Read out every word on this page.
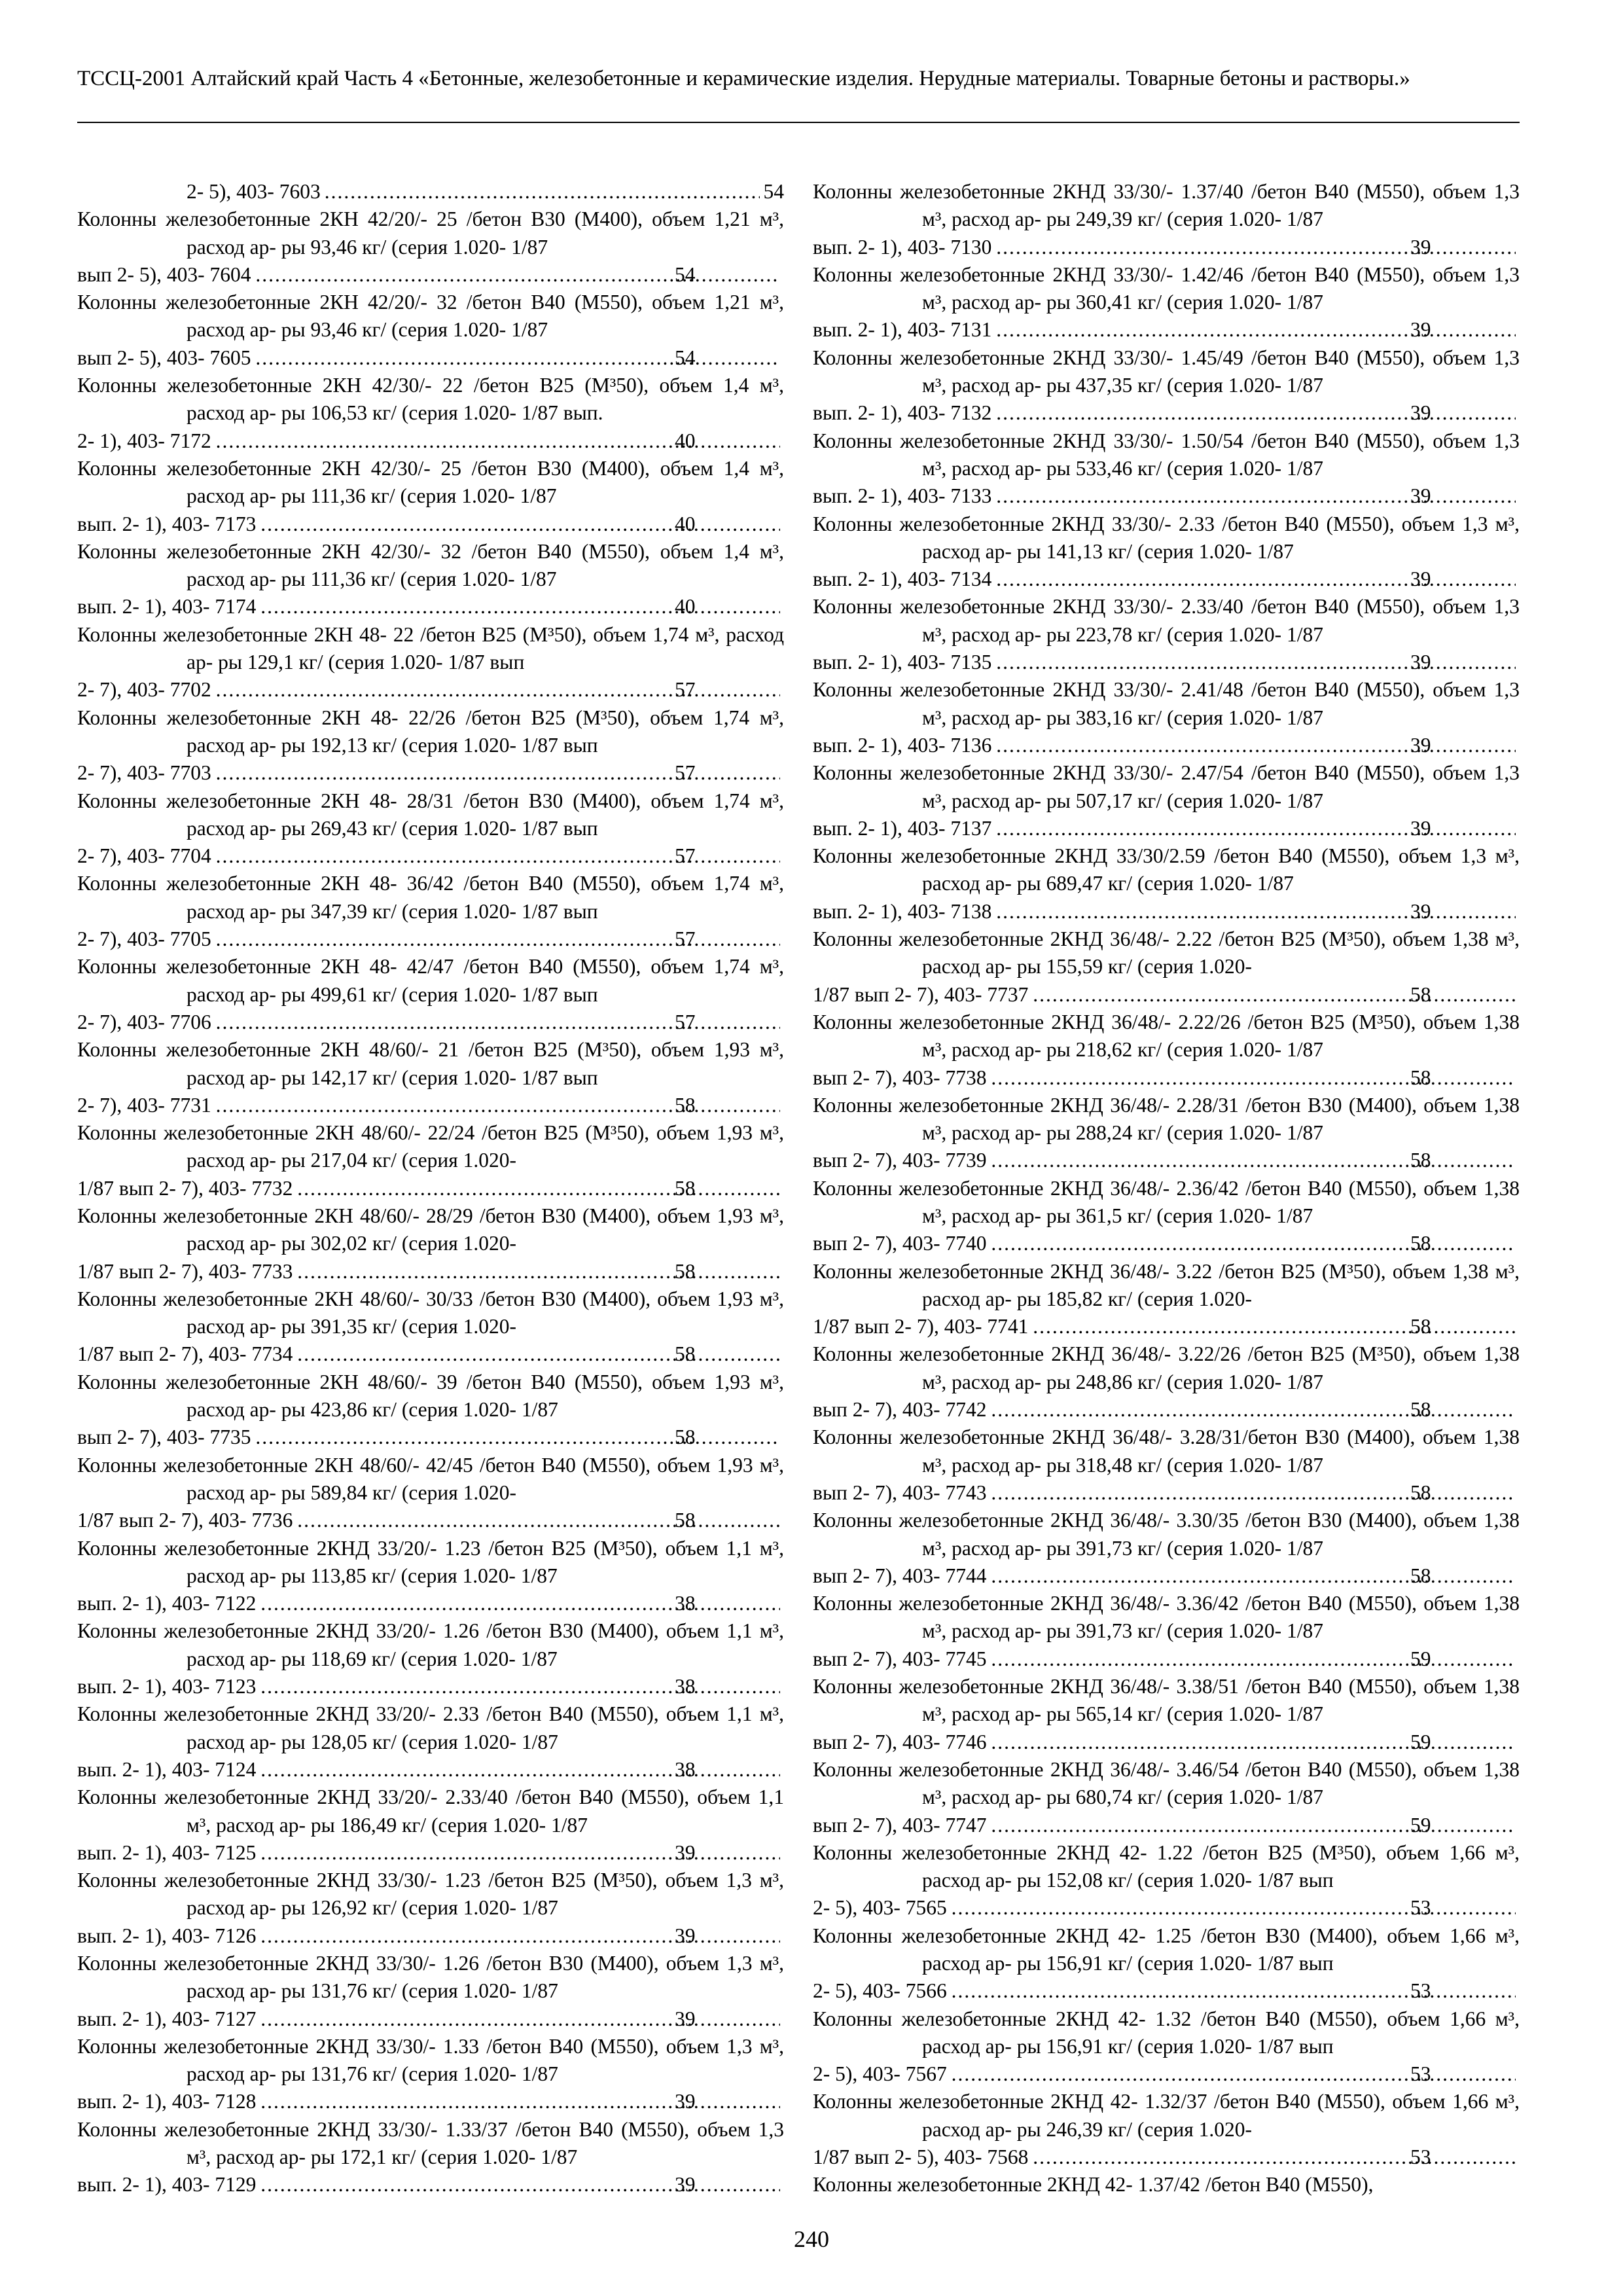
ТССЦ-2001 Алтайский край Часть 4 «Бетонные, железобетонные и керамические изделия. Нерудные материалы. Товарные бетоны и растворы.»
2- 5), 403- 7603 .....	54
Колонны железобетонные 2КН 42/20/- 25 /бетон В30 (М400), объем 1,21 м³, расход ар- ры 93,46 кг/ (серия 1.020- 1/87
вып 2- 5), 403- 7604 .....	54
Колонны железобетонные 2КН 42/20/- 32 /бетон В40 (М550), объем 1,21 м³, расход ар- ры 93,46 кг/ (серия 1.020- 1/87
вып 2- 5), 403- 7605 .....	54
Колонны железобетонные 2КН 42/30/- 22 /бетон В25 (М³50), объем 1,4 м³, расход ар- ры 106,53 кг/ (серия 1.020- 1/87 вып.
2- 1), 403- 7172 .....	40
Колонны железобетонные 2КН 42/30/- 25 /бетон В30 (М400), объем 1,4 м³, расход ар- ры 111,36 кг/ (серия 1.020- 1/87
вып. 2- 1), 403- 7173 .....	40
Колонны железобетонные 2КН 42/30/- 32 /бетон В40 (М550), объем 1,4 м³, расход ар- ры 111,36 кг/ (серия 1.020- 1/87
вып. 2- 1), 403- 7174 .....	40
Колонны железобетонные 2КН 48- 22 /бетон В25 (М³50), объем 1,74 м³, расход ар- ры 129,1 кг/ (серия 1.020- 1/87 вып
2- 7), 403- 7702 .....	57
Колонны железобетонные 2КН 48- 22/26 /бетон В25 (М³50), объем 1,74 м³, расход ар- ры 192,13 кг/ (серия 1.020- 1/87 вып
2- 7), 403- 7703 .....	57
Колонны железобетонные 2КН 48- 28/31 /бетон В30 (М400), объем 1,74 м³, расход ар- ры 269,43 кг/ (серия 1.020- 1/87 вып
2- 7), 403- 7704 .....	57
Колонны железобетонные 2КН 48- 36/42 /бетон В40 (М550), объем 1,74 м³, расход ар- ры 347,39 кг/ (серия 1.020- 1/87 вып
2- 7), 403- 7705 .....	57
Колонны железобетонные 2КН 48- 42/47 /бетон В40 (М550), объем 1,74 м³, расход ар- ры 499,61 кг/ (серия 1.020- 1/87 вып
2- 7), 403- 7706 .....	57
Колонны железобетонные 2КН 48/60/- 21 /бетон В25 (М³50), объем 1,93 м³, расход ар- ры 142,17 кг/ (серия 1.020- 1/87 вып
2- 7), 403- 7731 .....	58
Колонны железобетонные 2КН 48/60/- 22/24 /бетон В25 (М³50), объем 1,93 м³, расход ар- ры 217,04 кг/ (серия 1.020-
1/87 вып 2- 7), 403- 7732 .....	58
Колонны железобетонные 2КН 48/60/- 28/29 /бетон В30 (М400), объем 1,93 м³, расход ар- ры 302,02 кг/ (серия 1.020-
1/87 вып 2- 7), 403- 7733 .....	58
Колонны железобетонные 2КН 48/60/- 30/33 /бетон В30 (М400), объем 1,93 м³, расход ар- ры 391,35 кг/ (серия 1.020-
1/87 вып 2- 7), 403- 7734 .....	58
Колонны железобетонные 2КН 48/60/- 39 /бетон В40 (М550), объем 1,93 м³, расход ар- ры 423,86 кг/ (серия 1.020- 1/87
вып 2- 7), 403- 7735 .....	58
Колонны железобетонные 2КН 48/60/- 42/45 /бетон В40 (М550), объем 1,93 м³, расход ар- ры 589,84 кг/ (серия 1.020-
1/87 вып 2- 7), 403- 7736 .....	58
Колонны железобетонные 2КНД 33/20/- 1.23 /бетон В25 (М³50), объем 1,1 м³, расход ар- ры 113,85 кг/ (серия 1.020- 1/87
вып. 2- 1), 403- 7122 .....	38
Колонны железобетонные 2КНД 33/20/- 1.26 /бетон В30 (М400), объем 1,1 м³, расход ар- ры 118,69 кг/ (серия 1.020- 1/87
вып. 2- 1), 403- 7123 .....	38
Колонны железобетонные 2КНД 33/20/- 2.33 /бетон В40 (М550), объем 1,1 м³, расход ар- ры 128,05 кг/ (серия 1.020- 1/87
вып. 2- 1), 403- 7124 .....	38
Колонны железобетонные 2КНД 33/20/- 2.33/40 /бетон В40 (М550), объем 1,1 м³, расход ар- ры 186,49 кг/ (серия 1.020- 1/87
вып. 2- 1), 403- 7125 .....	39
Колонны железобетонные 2КНД 33/30/- 1.23 /бетон В25 (М³50), объем 1,3 м³, расход ар- ры 126,92 кг/ (серия 1.020- 1/87
вып. 2- 1), 403- 7126 .....	39
Колонны железобетонные 2КНД 33/30/- 1.26 /бетон В30 (М400), объем 1,3 м³, расход ар- ры 131,76 кг/ (серия 1.020- 1/87
вып. 2- 1), 403- 7127 .....	39
Колонны железобетонные 2КНД 33/30/- 1.33 /бетон В40 (М550), объем 1,3 м³, расход ар- ры 131,76 кг/ (серия 1.020- 1/87
вып. 2- 1), 403- 7128 .....	39
Колонны железобетонные 2КНД 33/30/- 1.33/37 /бетон В40 (М550), объем 1,3 м³, расход ар- ры 172,1 кг/ (серия 1.020- 1/87
вып. 2- 1), 403- 7129 .....	39
Колонны железобетонные 2КНД 33/30/- 1.37/40 /бетон В40 (М550), объем 1,3 м³, расход ар- ры 249,39 кг/ (серия 1.020- 1/87
вып. 2- 1), 403- 7130 .....	39
Колонны железобетонные 2КНД 33/30/- 1.42/46 /бетон В40 (М550), объем 1,3 м³, расход ар- ры 360,41 кг/ (серия 1.020- 1/87
вып. 2- 1), 403- 7131 .....	39
Колонны железобетонные 2КНД 33/30/- 1.45/49 /бетон В40 (М550), объем 1,3 м³, расход ар- ры 437,35 кг/ (серия 1.020- 1/87
вып. 2- 1), 403- 7132 .....	39
Колонны железобетонные 2КНД 33/30/- 1.50/54 /бетон В40 (М550), объем 1,3 м³, расход ар- ры 533,46 кг/ (серия 1.020- 1/87
вып. 2- 1), 403- 7133 .....	39
Колонны железобетонные 2КНД 33/30/- 2.33 /бетон В40 (М550), объем 1,3 м³, расход ар- ры 141,13 кг/ (серия 1.020- 1/87
вып. 2- 1), 403- 7134 .....	39
Колонны железобетонные 2КНД 33/30/- 2.33/40 /бетон В40 (М550), объем 1,3 м³, расход ар- ры 223,78 кг/ (серия 1.020- 1/87
вып. 2- 1), 403- 7135 .....	39
Колонны железобетонные 2КНД 33/30/- 2.41/48 /бетон В40 (М550), объем 1,3 м³, расход ар- ры 383,16 кг/ (серия 1.020- 1/87
вып. 2- 1), 403- 7136 .....	39
Колонны железобетонные 2КНД 33/30/- 2.47/54 /бетон В40 (М550), объем 1,3 м³, расход ар- ры 507,17 кг/ (серия 1.020- 1/87
вып. 2- 1), 403- 7137 .....	39
Колонны железобетонные 2КНД 33/30/2.59 /бетон В40 (М550), объем 1,3 м³, расход ар- ры 689,47 кг/ (серия 1.020- 1/87
вып. 2- 1), 403- 7138 .....	39
Колонны железобетонные 2КНД 36/48/- 2.22 /бетон В25 (М³50), объем 1,38 м³, расход ар- ры 155,59 кг/ (серия 1.020-
1/87 вып 2- 7), 403- 7737 .....	58
Колонны железобетонные 2КНД 36/48/- 2.22/26 /бетон В25 (М³50), объем 1,38 м³, расход ар- ры 218,62 кг/ (серия 1.020- 1/87
вып 2- 7), 403- 7738 .....	58
Колонны железобетонные 2КНД 36/48/- 2.28/31 /бетон В30 (М400), объем 1,38 м³, расход ар- ры 288,24 кг/ (серия 1.020- 1/87
вып 2- 7), 403- 7739 .....	58
Колонны железобетонные 2КНД 36/48/- 2.36/42 /бетон В40 (М550), объем 1,38 м³, расход ар- ры 361,5 кг/ (серия 1.020- 1/87
вып 2- 7), 403- 7740 .....	58
Колонны железобетонные 2КНД 36/48/- 3.22 /бетон В25 (М³50), объем 1,38 м³, расход ар- ры 185,82 кг/ (серия 1.020-
1/87 вып 2- 7), 403- 7741 .....	58
Колонны железобетонные 2КНД 36/48/- 3.22/26 /бетон В25 (М³50), объем 1,38 м³, расход ар- ры 248,86 кг/ (серия 1.020- 1/87
вып 2- 7), 403- 7742 .....	58
Колонны железобетонные 2КНД 36/48/- 3.28/31/бетон В30 (М400), объем 1,38 м³, расход ар- ры 318,48 кг/ (серия 1.020- 1/87
вып 2- 7), 403- 7743 .....	58
Колонны железобетонные 2КНД 36/48/- 3.30/35 /бетон В30 (М400), объем 1,38 м³, расход ар- ры 391,73 кг/ (серия 1.020- 1/87
вып 2- 7), 403- 7744 .....	58
Колонны железобетонные 2КНД 36/48/- 3.36/42 /бетон В40 (М550), объем 1,38 м³, расход ар- ры 391,73 кг/ (серия 1.020- 1/87
вып 2- 7), 403- 7745 .....	59
Колонны железобетонные 2КНД 36/48/- 3.38/51 /бетон В40 (М550), объем 1,38 м³, расход ар- ры 565,14 кг/ (серия 1.020- 1/87
вып 2- 7), 403- 7746 .....	59
Колонны железобетонные 2КНД 36/48/- 3.46/54 /бетон В40 (М550), объем 1,38 м³, расход ар- ры 680,74 кг/ (серия 1.020- 1/87
вып 2- 7), 403- 7747 .....	59
Колонны железобетонные 2КНД 42- 1.22 /бетон В25 (М³50), объем 1,66 м³, расход ар- ры 152,08 кг/ (серия 1.020- 1/87 вып
2- 5), 403- 7565 .....	53
Колонны железобетонные 2КНД 42- 1.25 /бетон В30 (М400), объем 1,66 м³, расход ар- ры 156,91 кг/ (серия 1.020- 1/87 вып
2- 5), 403- 7566 .....	53
Колонны железобетонные 2КНД 42- 1.32 /бетон В40 (М550), объем 1,66 м³, расход ар- ры 156,91 кг/ (серия 1.020- 1/87 вып
2- 5), 403- 7567 .....	53
Колонны железобетонные 2КНД 42- 1.32/37 /бетон В40 (М550), объем 1,66 м³, расход ар- ры 246,39 кг/ (серия 1.020-
1/87 вып 2- 5), 403- 7568 .....	53
Колонны железобетонные 2КНД 42- 1.37/42 /бетон В40 (М550),
240
